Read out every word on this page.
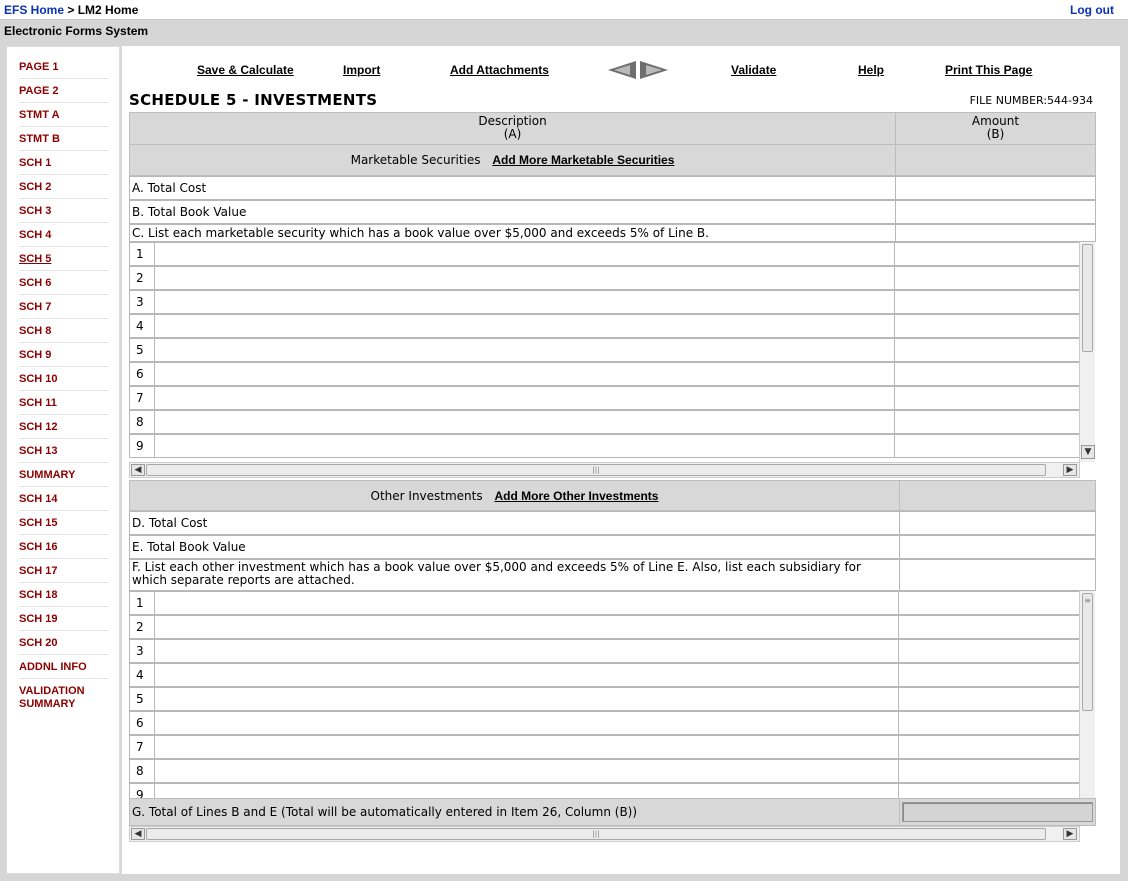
EFS Home > LM2 Home	Log out
Electronic Forms System
PAGE 1
PAGE 2
STMT A
STMT B
SCH 1
SCH 2
SCH 3
SCH 4
SCH 5
SCH 6
SCH 7
SCH 8
SCH 9
SCH 10
SCH 11
SCH 12
SCH 13
SUMMARY
SCH 14
SCH 15
SCH 16
SCH 17
SCH 18
SCH 19
SCH 20
ADDNL INFO
VALIDATION SUMMARY
Save & Calculate	Import	Add Attachments	Validate	Help	Print This Page
SCHEDULE 5 - INVESTMENTS	FILE NUMBER:544-934
Description
(A)
Amount
(B)
Marketable Securities Add More Marketable Securities
A. Total Cost
B. Total Book Value
C. List each marketable security which has a book value over $5,000 and exceeds 5% of Line B.
1
2
3
4
5
6
7
8
9	▼
◀	|||	▶
Other Investments Add More Other Investments
D. Total Cost
E. Total Book Value
F. List each other investment which has a book value over $5,000 and exceeds 5% of Line E. Also, list each subsidiary for which separate reports are attached.
1
2
3
4
5
6
7
8
9
≡
G. Total of Lines B and E (Total will be automatically entered in Item 26, Column (B))
◀	|||	▶
